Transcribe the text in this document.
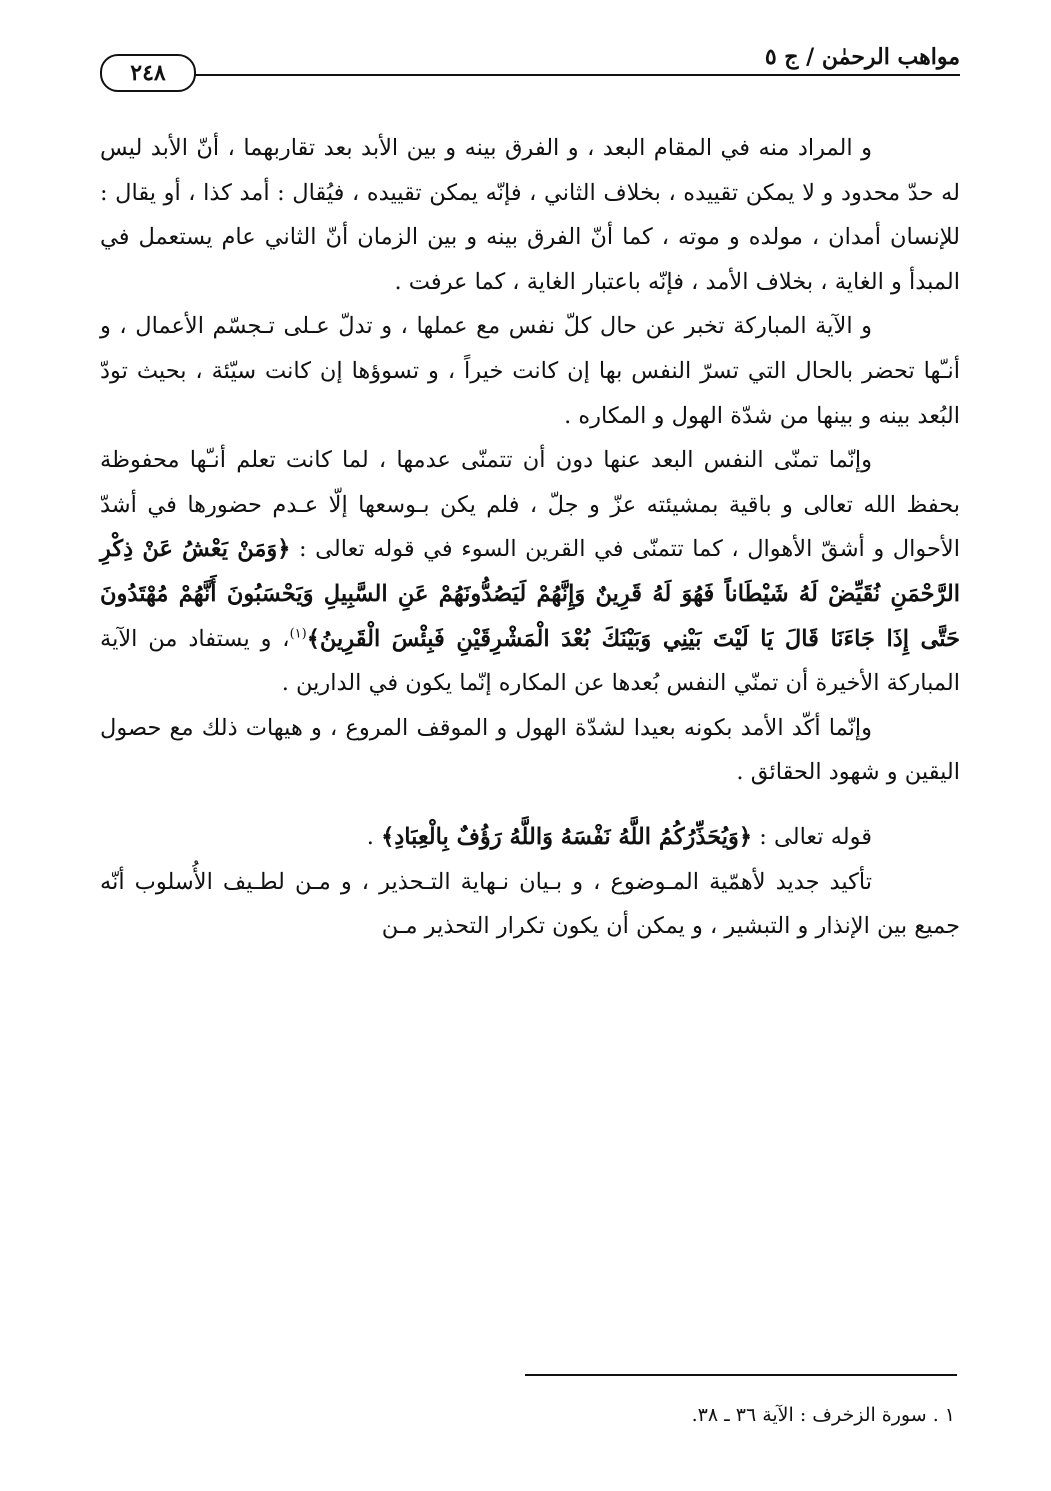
مواهب الرحمٰن / ج ٥
٢٤٨

و المراد منه في المقام البعد ، و الفرق بينه و بين الأبد بعد تقاربهما ، أنّ الأبد ليس له حدّ محدود و لا يمكن تقييده ، بخلاف الثاني ، فإنّه يمكن تقييده ، فيُقال : أمد كذا ، أو يقال : للإنسان أمدان ، مولده و موته ، كما أنّ الفرق بينه و بين الزمان أنّ الثاني عام يستعمل في المبدأ و الغاية ، بخلاف الأمد ، فإنّه باعتبار الغاية ، كما عرفت .

و الآية المباركة تخبر عن حال كلّ نفس مع عملها ، و تدلّ عـلى تـجسّم الأعمال ، و أنـّها تحضر بالحال التي تسرّ النفس بها إن كانت خيراً ، و تسوؤها إن كانت سيّئة ، بحيث تودّ البُعد بينه و بينها من شدّة الهول و المكاره .

وإنّما تمنّى النفس البعد عنها دون أن تتمنّى عدمها ، لما كانت تعلم أنـّها محفوظة بحفظ الله تعالى و باقية بمشيئته عزّ و جلّ ، فلم يكن بـوسعها إلّا عـدم حضورها في أشدّ الأحوال و أشقّ الأهوال ، كما تتمنّى في القرين السوء في قوله تعالى : ﴿وَمَنْ يَعْشُ عَنْ ذِكْرِ الرَّحْمَنِ نُقَيِّضْ لَهُ شَيْطَاناً فَهُوَ لَهُ قَرِينٌ وَإِنَّهُمْ لَيَصُدُّونَهُمْ عَنِ السَّبِيلِ وَيَحْسَبُونَ أَنَّهُمْ مُهْتَدُونَ حَتَّى إِذَا جَاءَنَا قَالَ يَا لَيْتَ بَيْنِي وَبَيْنَكَ بُعْدَ الْمَشْرِقَيْنِ فَبِئْسَ الْقَرِينُ﴾$^{(١)}$، و يستفاد من الآية المباركة الأخيرة أن تمنّي النفس بُعدها عن المكاره إنّما يكون في الدارين .

وإنّما أكّد الأمد بكونه بعيدا لشدّة الهول و الموقف المروع ، و هيهات ذلك مع حصول اليقين و شهود الحقائق .

قوله تعالى : ﴿وَيُحَذِّرُكُمُ اللَّهُ نَفْسَهُ وَاللَّهُ رَؤُفٌ بِالْعِبَادِ﴾ .

تأكيد جديد لأهمّية المـوضوع ، و بـيان نـهاية التـحذير ، و مـن لطـيف الأُسلوب أنّه جميع بين الإنذار و التبشير ، و يمكن أن يكون تكرار التحذير مـن

١ . سورة الزخرف : الآية ٣٦ ـ ٣٨.
